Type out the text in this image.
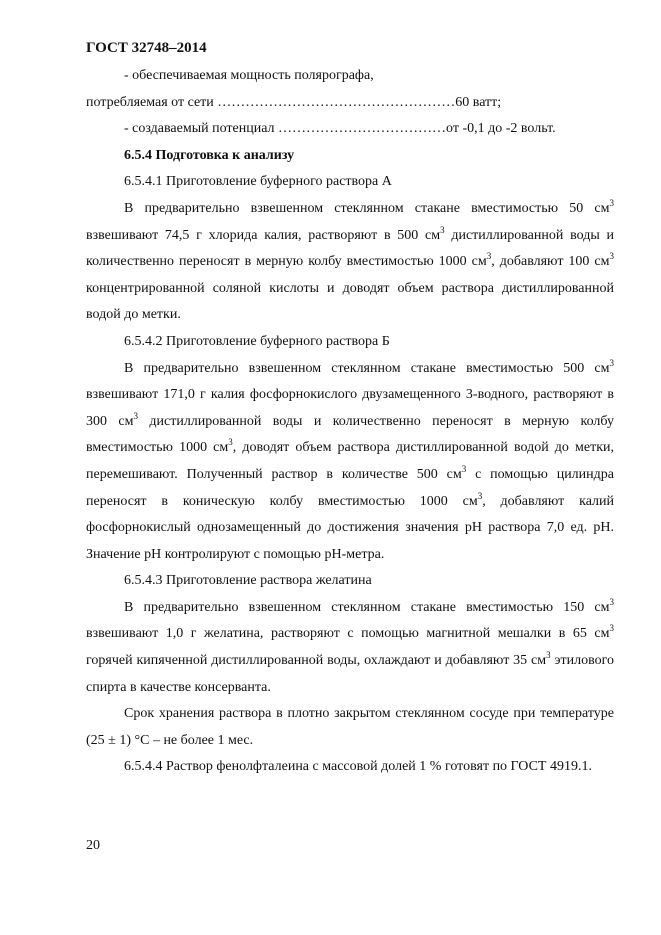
ГОСТ 32748–2014

- обеспечиваемая мощность полярографа,

потребляемая от сети ……………………………………………60 ватт;

- создаваемый потенциал ………………………………от -0,1 до -2 вольт.

6.5.4 Подготовка к анализу

6.5.4.1 Приготовление буферного раствора А

В предварительно взвешенном стеклянном стакане вместимостью 50 $см^3$ взвешивают 74,5 г хлорида калия, растворяют в 500 $см^3$ дистиллированной воды и количественно переносят в мерную колбу вместимостью 1000 $см^3$, добавляют 100 $см^3$ концентрированной соляной кислоты и доводят объем раствора дистиллированной водой до метки.

6.5.4.2 Приготовление буферного раствора Б

В предварительно взвешенном стеклянном стакане вместимостью 500 $см^3$ взвешивают 171,0 г калия фосфорнокислого двузамещенного 3-водного, растворяют в 300 $см^3$ дистиллированной воды и количественно переносят в мерную колбу вместимостью 1000 $см^3$, доводят объем раствора дистиллированной водой до метки, перемешивают. Полученный раствор в количестве 500 $см^3$ с помощью цилиндра переносят в коническую колбу вместимостью 1000 $см^3$, добавляют калий фосфорнокислый однозамещенный до достижения значения pH раствора 7,0 ед. pH. Значение pH контролируют с помощью pH-метра.

6.5.4.3 Приготовление раствора желатина

В предварительно взвешенном стеклянном стакане вместимостью 150 $см^3$ взвешивают 1,0 г желатина, растворяют с помощью магнитной мешалки в 65 $см^3$ горячей кипяченной дистиллированной воды, охлаждают и добавляют 35 $см^3$ этилового спирта в качестве консерванта.

Срок хранения раствора в плотно закрытом стеклянном сосуде при температуре (25 ± 1) °С – не более 1 мес.

6.5.4.4 Раствор фенолфталеина с массовой долей 1 % готовят по ГОСТ 4919.1.

20
